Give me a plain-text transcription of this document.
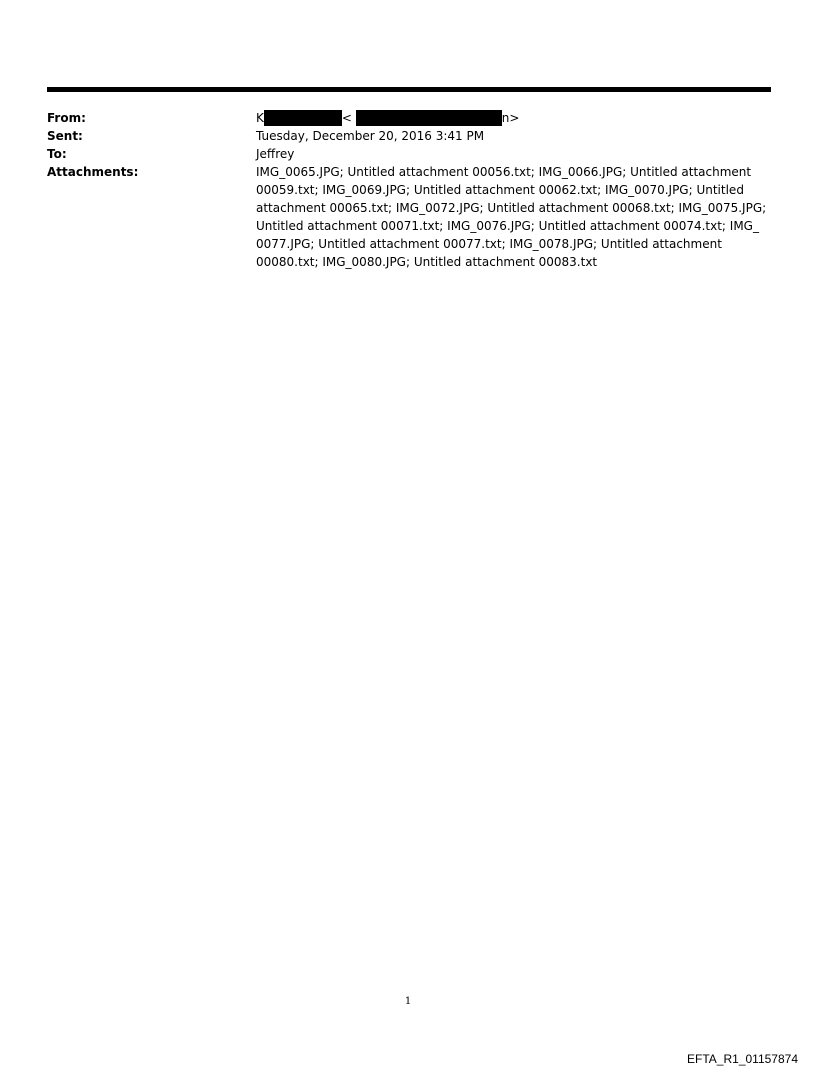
From:	K	<	n>
Sent:	Tuesday, December 20, 2016 3:41 PM
To:	Jeffrey
Attachments:	IMG_0065.JPG; Untitled attachment 00056.txt; IMG_0066.JPG; Untitled attachment
00059.txt; IMG_0069.JPG; Untitled attachment 00062.txt; IMG_0070.JPG; Untitled
attachment 00065.txt; IMG_0072.JPG; Untitled attachment 00068.txt; IMG_0075.JPG;
Untitled attachment 00071.txt; IMG_0076.JPG; Untitled attachment 00074.txt; IMG_
0077.JPG; Untitled attachment 00077.txt; IMG_0078.JPG; Untitled attachment
00080.txt; IMG_0080.JPG; Untitled attachment 00083.txt
1
EFTA_R1_01157874
